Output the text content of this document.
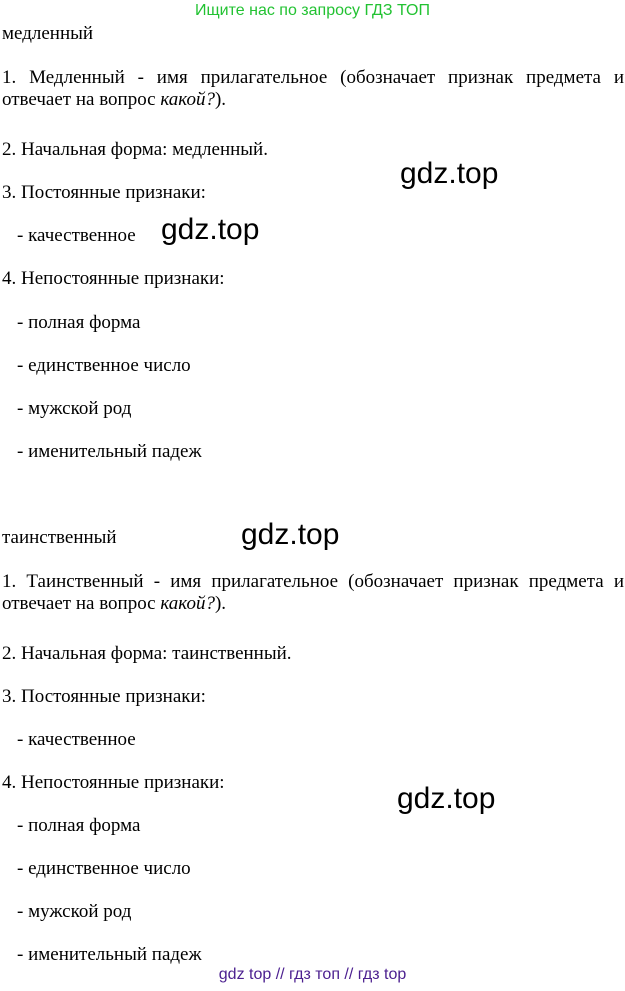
Ищите нас по запросу ГДЗ ТОП
медленный
1. Медленный - имя прилагательное (обозначает признак предмета и отвечает на вопрос какой?).
2. Начальная форма: медленный.
3. Постоянные признаки:
- качественное
4. Непостоянные признаки:
- полная форма
- единственное число
- мужской род
- именительный падеж
таинственный
1. Таинственный - имя прилагательное (обозначает признак предмета и отвечает на вопрос какой?).
2. Начальная форма: таинственный.
3. Постоянные признаки:
- качественное
4. Непостоянные признаки:
- полная форма
- единственное число
- мужской род
- именительный падеж
gdz.top
gdz.top
gdz.top
gdz.top
gdz top // гдз топ // гдз top
